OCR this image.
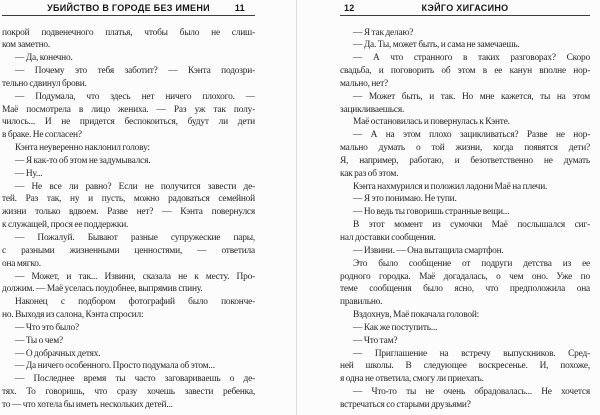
УБИЙСТВО В ГОРОДЕ БЕЗ ИМЕНИ	11
покрой подвенечного платья, чтобы было не слиш-
ком заметно.
— Да, конечно.
— Почему это тебя заботит? — Кэнта подозри-
тельно сдвинул брови.
— Подумала, что здесь нет ничего плохого. —
Маё посмотрела в лицо жениха. — Раз уж так полу-
чилось... И не придется беспокоиться, будут ли дети
в браке. Не согласен?
Кэнта неуверенно наклонил голову:
— Я как-то об этом не задумывался.
— Ну...
— Не все ли равно? Если не получится завести де-
тей. Раз так, ну и пусть, можно радоваться семейной
жизни только вдвоем. Разве нет? — Кэнта повернулся
к служащей, прося ее поддержки.
— Пожалуй. Бывают разные супружеские пары,
с разными жизненными ценностями, — ответила
она мягко.
— Может, и так... Извини, сказала не к месту. Про-
должим. — Маё уселась поудобнее, выпрямив спину.
Наконец с подбором фотографий было поконче-
но. Выходя из салона, Кэнта спросил:
— Что это было?
— Ты о чем?
— О добрачных детях.
— Да ничего особенного. Просто подумала об этом...
— Последнее время ты часто заговариваешь о де-
тях. То говоришь, что сразу хочешь завести ребенка,
то — что хотела бы иметь нескольких детей...
КЭЙГО ХИГАСИНО
12
— Я так делаю?
— Да. Ты, может быть, и сама не замечаешь.
— А что странного в таких разговорах? Скоро
свадьба, и поговорить об этом в ее канун вполне нор-
мально, нет?
— Может быть, и так. Но мне кажется, ты на этом
зацикливаешься.
Маё остановилась и повернулась к Кэнте.
— А на этом плохо зацикливаться? Разве не нор-
мально думать о той жизни, когда появятся дети?
Я, например, работаю, и безответственно не думать
как раз об этом.
Кэнта нахмурился и положил ладони Маё на плечи.
— Я это понимаю. Не тупи.
— Но ведь ты говоришь странные вещи...
В этот момент из сумочки Маё послышался сиг-
нал доставки сообщения.
— Извини. — Она вытащила смартфон.
Это было сообщение от подруги детства из ее
родного городка. Маё догадалась, о чем оно. Уже по
теме сообщения было ясно, что предположила она
правильно.
Вздохнув, Маё покачала головой:
— Как же поступить...
— Что там?
— Приглашение на встречу выпускников. Сред-
ней школы. В следующее воскресенье. И, похоже,
я одна не ответила, смогу ли приехать.
— Что-то ты не очень обрадовалась... Не хочется
встречаться со старыми друзьями?
